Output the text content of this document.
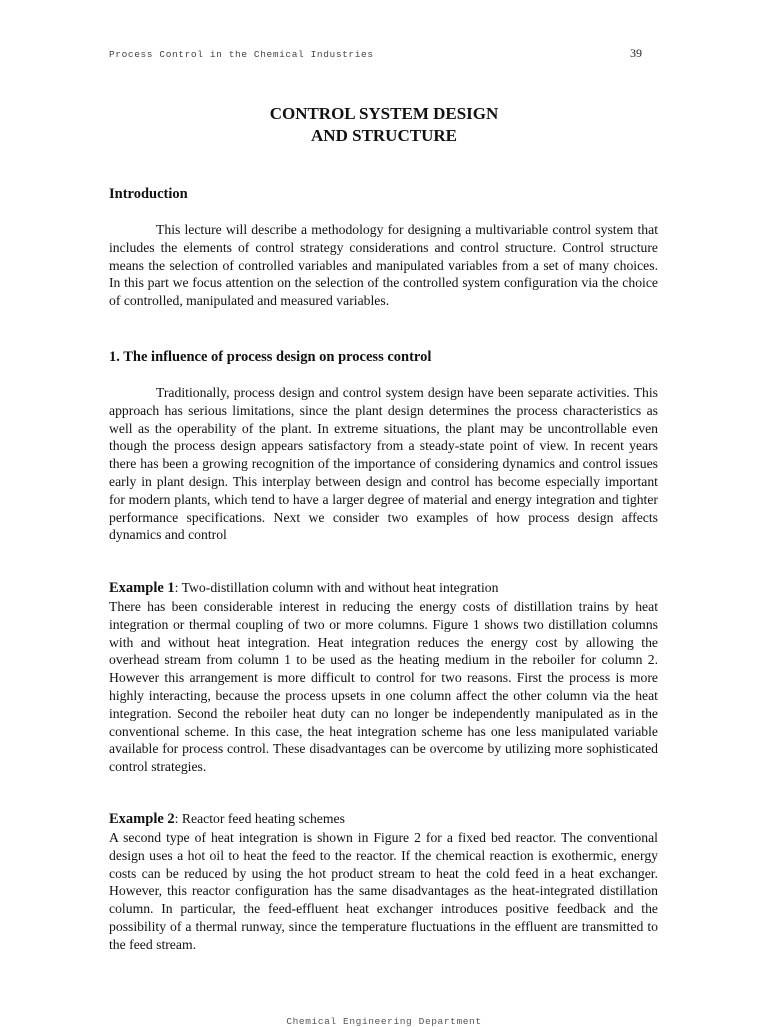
Process Control in the Chemical Industries	39
CONTROL SYSTEM DESIGN
AND STRUCTURE
Introduction

This lecture will describe a methodology for designing a multivariable control system that includes the elements of control strategy considerations and control structure. Control structure means the selection of controlled variables and manipulated variables from a set of many choices. In this part we focus attention on the selection of the controlled system configuration via the choice of controlled, manipulated and measured variables.

1. The influence of process design on process control

Traditionally, process design and control system design have been separate activities. This approach has serious limitations, since the plant design determines the process characteristics as well as the operability of the plant. In extreme situations, the plant may be uncontrollable even though the process design appears satisfactory from a steady-state point of view. In recent years there has been a growing recognition of the importance of considering dynamics and control issues early in plant design. This interplay between design and control has become especially important for modern plants, which tend to have a larger degree of material and energy integration and tighter performance specifications. Next we consider two examples of how process design affects dynamics and control

Example 1: Two-distillation column with and without heat integration

There has been considerable interest in reducing the energy costs of distillation trains by heat integration or thermal coupling of two or more columns. Figure 1 shows two distillation columns with and without heat integration. Heat integration reduces the energy cost by allowing the overhead stream from column 1 to be used as the heating medium in the reboiler for column 2. However this arrangement is more difficult to control for two reasons. First the process is more highly interacting, because the process upsets in one column affect the other column via the heat integration. Second the reboiler heat duty can no longer be independently manipulated as in the conventional scheme. In this case, the heat integration scheme has one less manipulated variable available for process control. These disadvantages can be overcome by utilizing more sophisticated control strategies.

Example 2: Reactor feed heating schemes

A second type of heat integration is shown in Figure 2 for a fixed bed reactor. The conventional design uses a hot oil to heat the feed to the reactor. If the chemical reaction is exothermic, energy costs can be reduced by using the hot product stream to heat the cold feed in a heat exchanger. However, this reactor configuration has the same disadvantages as the heat-integrated distillation column. In particular, the feed-effluent heat exchanger introduces positive feedback and the possibility of a thermal runway, since the temperature fluctuations in the effluent are transmitted to the feed stream.

Chemical Engineering Department
